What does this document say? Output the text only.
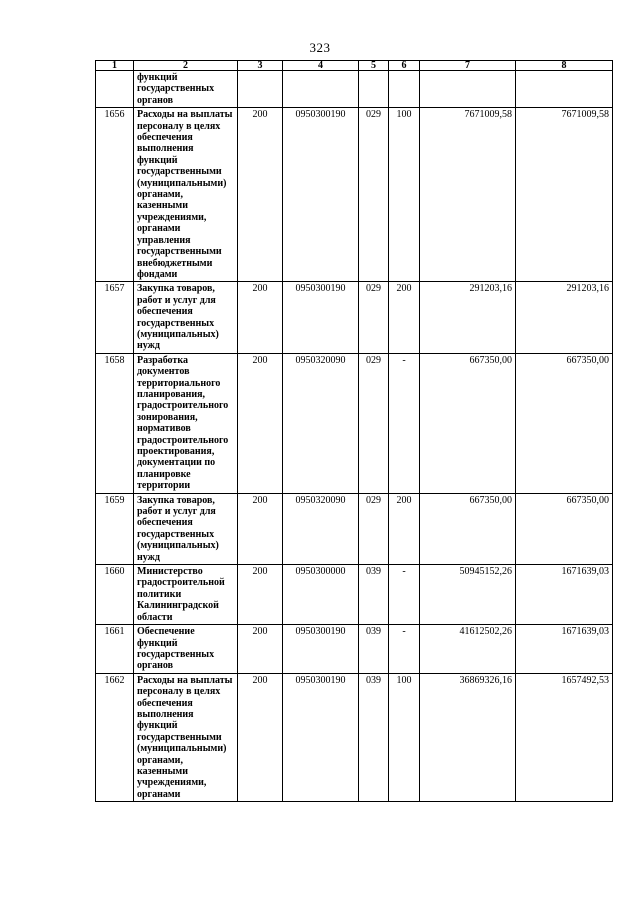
323
1	2	3	4	5	6	7	8
	функций государственных органов						
1656	Расходы на выплаты персоналу в целях обеспечения выполнения функций государственными (муниципальными) органами, казенными учреждениями, органами управления государственными внебюджетными фондами	200	0950300190	029	100	7671009,58	7671009,58
1657	Закупка товаров, работ и услуг для обеспечения государственных (муниципальных) нужд	200	0950300190	029	200	291203,16	291203,16
1658	Разработка документов территориального планирования, градостроительного зонирования, нормативов градостроительного проектирования, документации по планировке территории	200	0950320090	029	-	667350,00	667350,00
1659	Закупка товаров, работ и услуг для обеспечения государственных (муниципальных) нужд	200	0950320090	029	200	667350,00	667350,00
1660	Министерство градостроительной политики Калининградской области	200	0950300000	039	-	50945152,26	1671639,03
1661	Обеспечение функций государственных органов	200	0950300190	039	-	41612502,26	1671639,03
1662	Расходы на выплаты персоналу в целях обеспечения выполнения функций государственными (муниципальными) органами, казенными учреждениями, органами	200	0950300190	039	100	36869326,16	1657492,53
